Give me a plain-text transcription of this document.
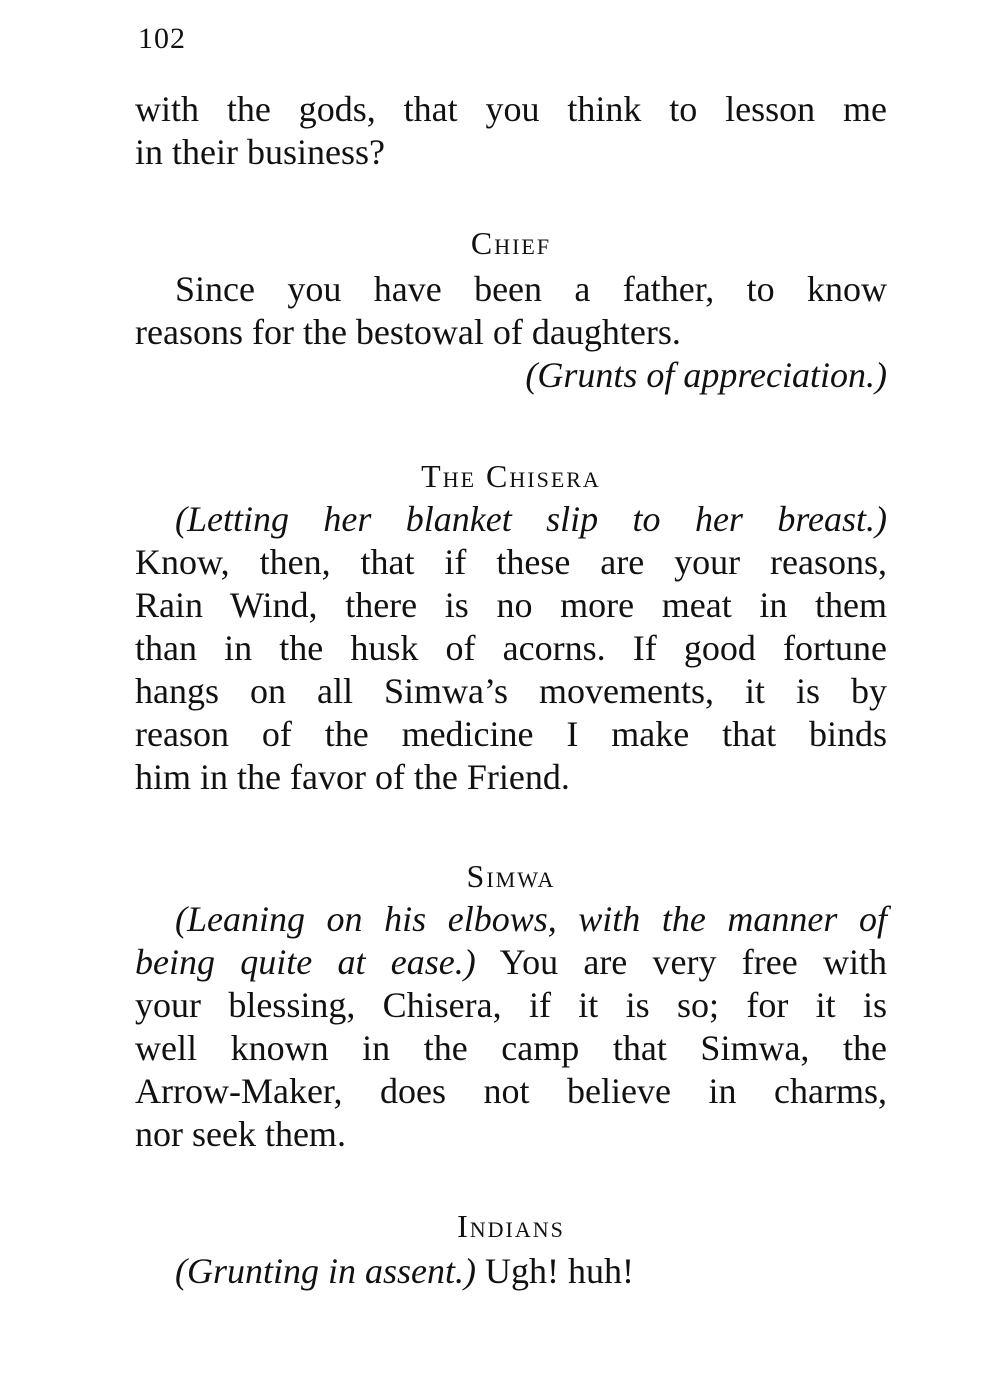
102
with the gods, that you think to lesson me
in their business?
Chief
Since you have been a father, to know
reasons for the bestowal of daughters.
(Grunts of appreciation.)
The Chisera
(Letting her blanket slip to her breast.)
Know, then, that if these are your reasons,
Rain Wind, there is no more meat in them
than in the husk of acorns. If good fortune
hangs on all Simwa’s movements, it is by
reason of the medicine I make that binds
him in the favor of the Friend.
Simwa
(Leaning on his elbows, with the manner of
being quite at ease.) You are very free with
your blessing, Chisera, if it is so; for it is
well known in the camp that Simwa, the
Arrow-Maker, does not believe in charms,
nor seek them.
Indians
(Grunting in assent.) Ugh! huh!
